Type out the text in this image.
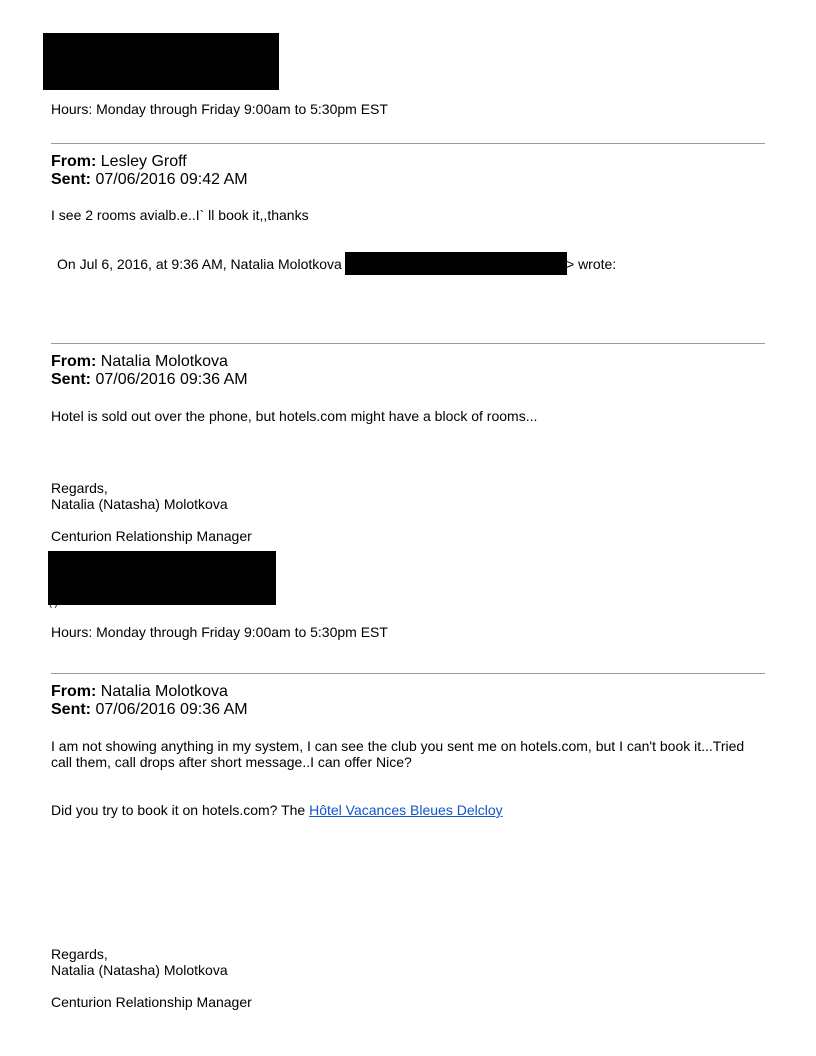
Hours: Monday through Friday 9:00am to 5:30pm EST
From: Lesley Groff
Sent: 07/06/2016 09:42 AM
I see 2 rooms avialb.e..I` ll book it,,thanks
On Jul 6, 2016, at 9:36 AM, Natalia Molotkova	> wrote:
From: Natalia Molotkova
Sent: 07/06/2016 09:36 AM
Hotel is sold out over the phone, but hotels.com might have a block of rooms...
Regards,
Natalia (Natasha) Molotkova
Centurion Relationship Manager
Hours: Monday through Friday 9:00am to 5:30pm EST
From: Natalia Molotkova
Sent: 07/06/2016 09:36 AM
I am not showing anything in my system, I can see the club you sent me on hotels.com, but I can't book it...Tried
call them, call drops after short message..I can offer Nice?
Did you try to book it on hotels.com? The Hôtel Vacances Bleues Delcloy
Regards,
Natalia (Natasha) Molotkova
Centurion Relationship Manager
